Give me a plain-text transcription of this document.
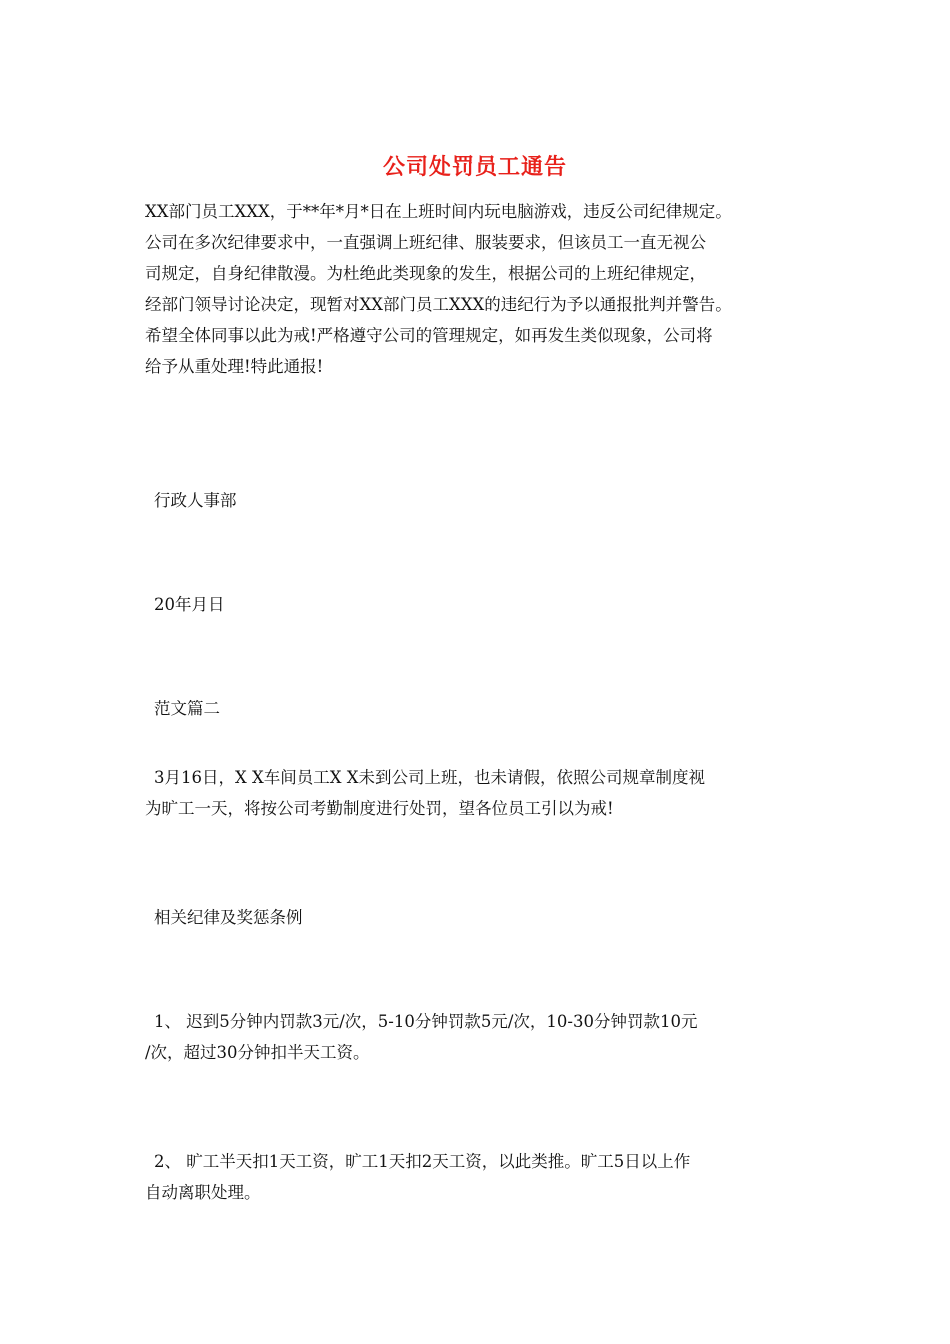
公司处罚员工通告
XX部门员工XXX，于**年*月*日在上班时间内玩电脑游戏，违反公司纪律规定。
公司在多次纪律要求中，一直强调上班纪律、服装要求，但该员工一直无视公
司规定，自身纪律散漫。为杜绝此类现象的发生，根据公司的上班纪律规定，
经部门领导讨论决定，现暂对XX部门员工XXX的违纪行为予以通报批判并警告。
希望全体同事以此为戒!严格遵守公司的管理规定，如再发生类似现象，公司将
给予从重处理!特此通报!
行政人事部
20年月日
范文篇二
3月16日，X X车间员工X X未到公司上班，也未请假，依照公司规章制度视
为旷工一天，将按公司考勤制度进行处罚，望各位员工引以为戒!
相关纪律及奖惩条例
1、 迟到5分钟内罚款3元/次，5-10分钟罚款5元/次，10-30分钟罚款10元
/次，超过30分钟扣半天工资。
2、 旷工半天扣1天工资，旷工1天扣2天工资，以此类推。旷工5日以上作
自动离职处理。
